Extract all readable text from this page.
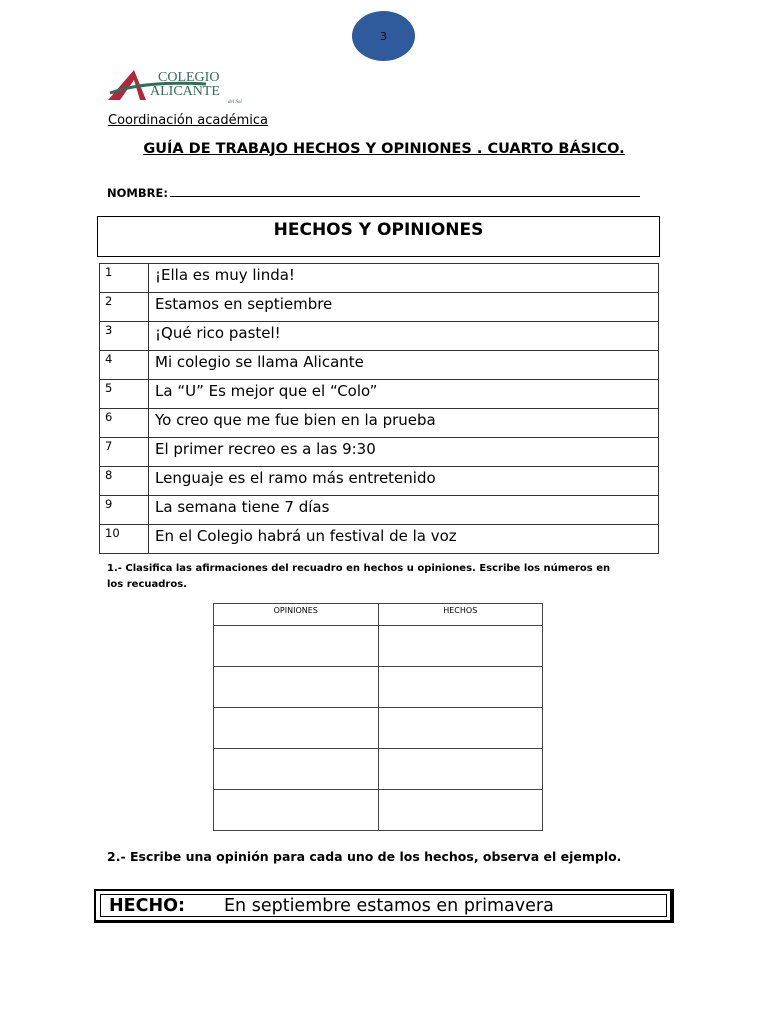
3
COLEGIO
ALICANTE
del Sol
Coordinación académica
GUÍA DE TRABAJO HECHOS Y OPINIONES . CUARTO BÁSICO.
NOMBRE:
HECHOS Y OPINIONES
1	¡Ella es muy linda!
2	Estamos en septiembre
3	¡Qué rico pastel!
4	Mi colegio se llama Alicante
5	La “U” Es mejor que el “Colo”
6	Yo creo que me fue bien en la prueba
7	El primer recreo es a las 9:30
8	Lenguaje es el ramo más entretenido
9	La semana tiene 7 días
10	En el Colegio habrá un festival de la voz
1.- Clasifica las afirmaciones del recuadro en hechos u opiniones. Escribe los números en los recuadros.
OPINIONES	HECHOS

2.- Escribe una opinión para cada uno de los hechos, observa el ejemplo.
HECHO:	En septiembre estamos en primavera
